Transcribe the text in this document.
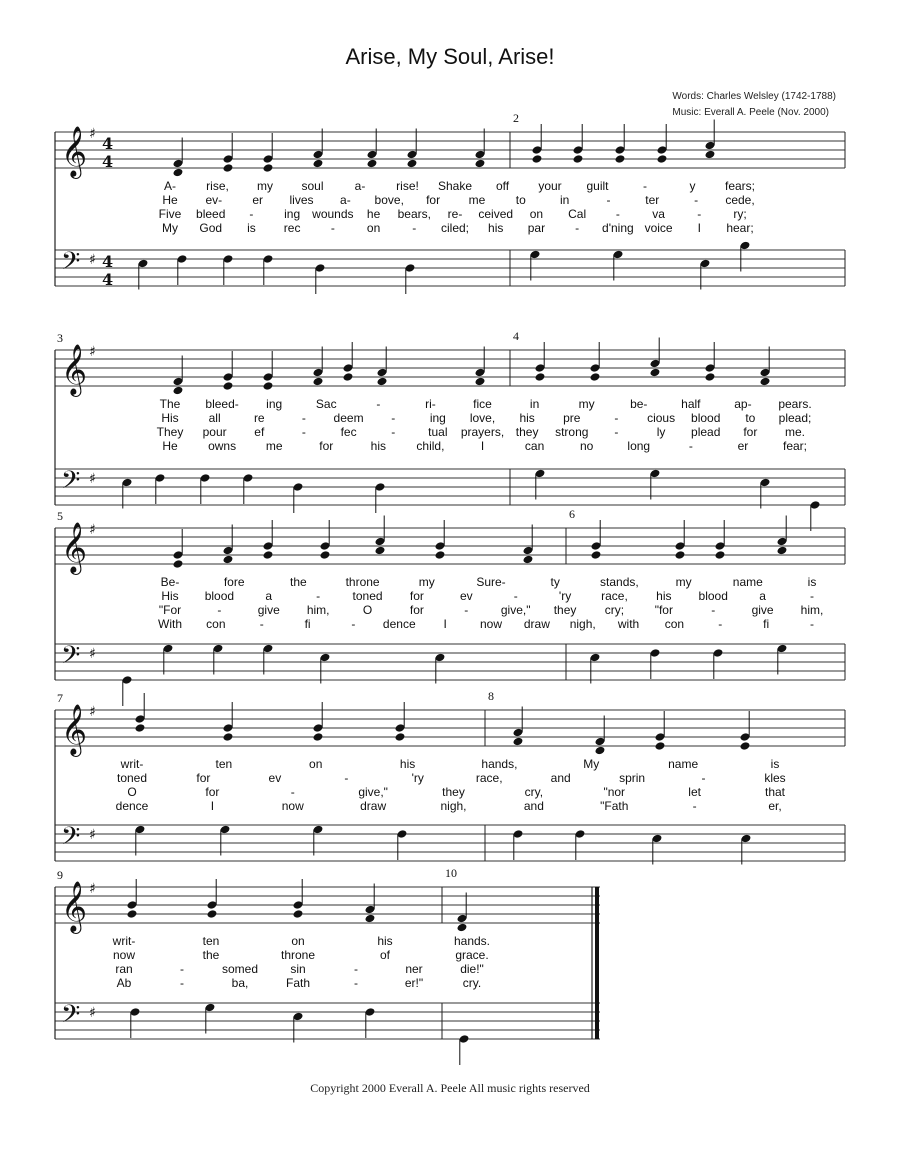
Arise, My Soul, Arise!
Words: Charles Welsley (1742-1788)
Music: Everall A. Peele (Nov. 2000)
𝄞
𝄢
♯
♯
4
4
4
4
2
A-	rise, my soul	a-	rise! Shake off your guilt	-	y fears;
He ev-	er lives a- bove, for me	to	in	-	ter	- cede,
Five bleed -	ing wounds he bears, re- ceived on Cal -	va	-	ry;
My God is rec	-	on	- ciled; his par	- d'ning voice I hear;
𝄞
𝄢
♯
♯
3	4
The bleed- ing	Sac	-	ri-	fice	in	my	be-	half	ap- pears.
His all	re	- deem -	ing love, his pre	- cious blood to plead;
They pour ef	-	fec	-	tual prayers, they strong -	ly plead for me.
He	owns me	for	his	child,	I	can	no	long	-	er	fear;
𝄞
𝄢
♯
♯
5	6
Be-	fore	the	throne	my	Sure-	ty	stands,	my	name	is
His blood	a	-	toned for	ev	-	'ry race, his blood	a	-
"For	-	give him,	O	for	-	give," they cry;	"for	-	give him,
With con	-	fi	- dence I	now draw nigh, with con	-	fi	-
𝄞
𝄢
♯
♯
7	8
writ-	ten	on	his	hands,	My	name	is
toned	for	ev	-	'ry	race,	and	sprin	-	kles
O	for	-	give,"	they	cry,	"nor	let	that
dence	I	now	draw	nigh,	and	"Fath	-	er,
𝄞
𝄢
♯
♯
9	10
writ-	ten	on	his	hands.
now	the	throne	of	grace.
ran	-	somed	sin	-	ner	die!"
Ab	-	ba,	Fath	-	er!"	cry.
Copyright 2000 Everall A. Peele All music rights reserved
